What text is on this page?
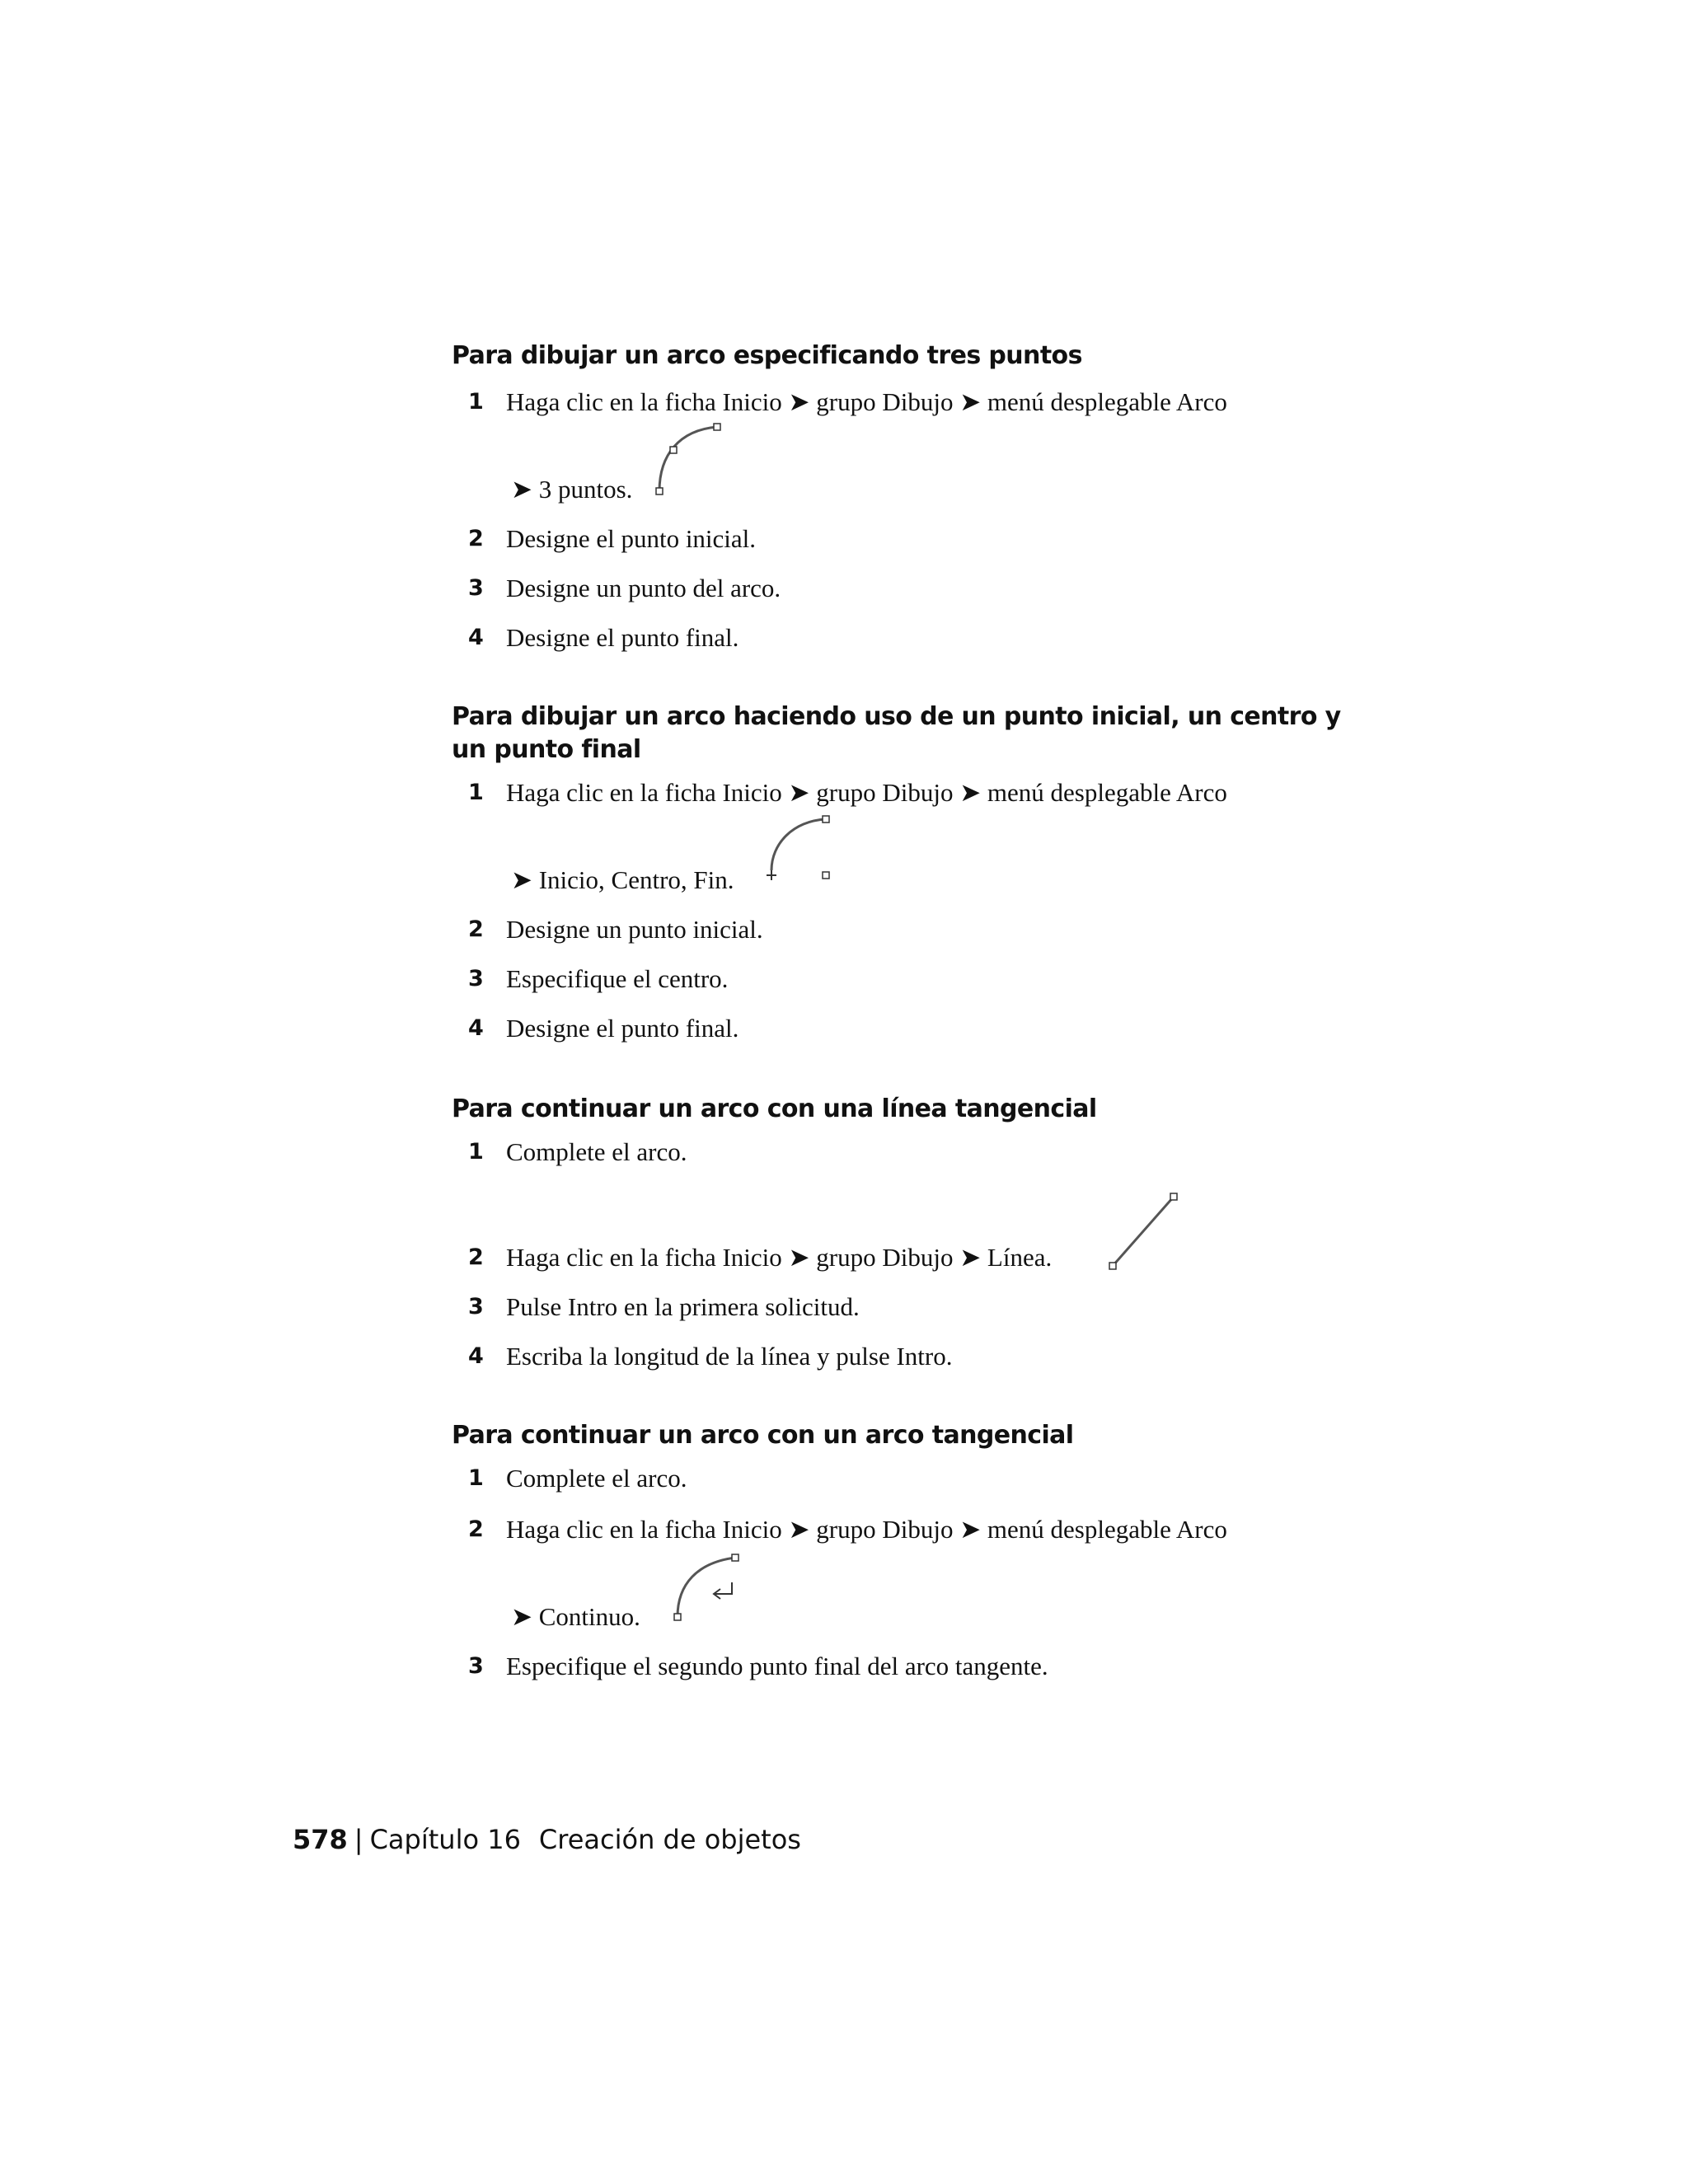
Para dibujar un arco especificando tres puntos
1 Haga clic en la ficha Inicio ➤ grupo Dibujo ➤ menú desplegable Arco
➤ 3 puntos.
2 Designe el punto inicial.
3 Designe un punto del arco.
4 Designe el punto final.
Para dibujar un arco haciendo uso de un punto inicial, un centro y un punto final
1 Haga clic en la ficha Inicio ➤ grupo Dibujo ➤ menú desplegable Arco
➤ Inicio, Centro, Fin.
2 Designe un punto inicial.
3 Especifique el centro.
4 Designe el punto final.
Para continuar un arco con una línea tangencial
1 Complete el arco.
2 Haga clic en la ficha Inicio ➤ grupo Dibujo ➤ Línea.
3 Pulse Intro en la primera solicitud.
4 Escriba la longitud de la línea y pulse Intro.
Para continuar un arco con un arco tangencial
1 Complete el arco.
2 Haga clic en la ficha Inicio ➤ grupo Dibujo ➤ menú desplegable Arco
➤ Continuo.
3 Especifique el segundo punto final del arco tangente.
578 | Capítulo 16 Creación de objetos
